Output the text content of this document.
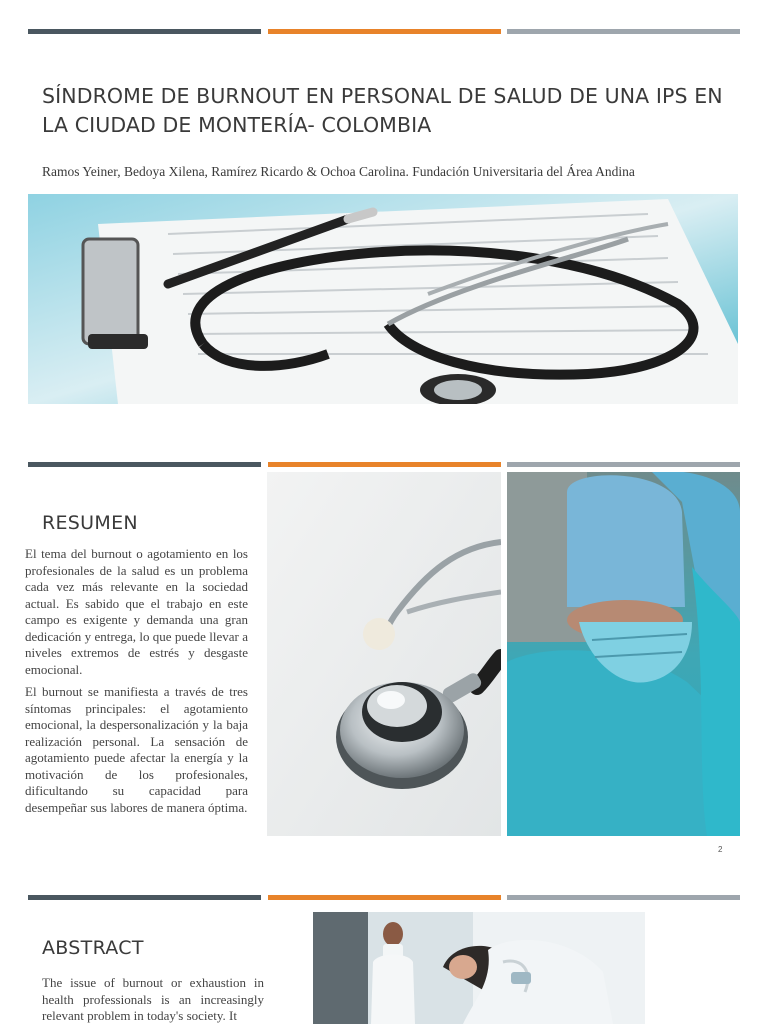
SÍNDROME DE BURNOUT EN PERSONAL DE SALUD DE UNA IPS EN LA CIUDAD DE MONTERÍA- COLOMBIA

Ramos Yeiner, Bedoya Xilena, Ramírez Ricardo & Ochoa Carolina. Fundación Universitaria del Área Andina

RESUMEN

El tema del burnout o agotamiento en los profesionales de la salud es un problema cada vez más relevante en la sociedad actual. Es sabido que el trabajo en este campo es exigente y demanda una gran dedicación y entrega, lo que puede llevar a niveles extremos de estrés y desgaste emocional.

El burnout se manifiesta a través de tres síntomas principales: el agotamiento emocional, la despersonalización y la baja realización personal. La sensación de agotamiento puede afectar la energía y la motivación de los profesionales, dificultando su capacidad para desempeñar sus labores de manera óptima.

2
ABSTRACT

The issue of burnout or exhaustion in health professionals is an increasingly relevant problem in today's society. It
